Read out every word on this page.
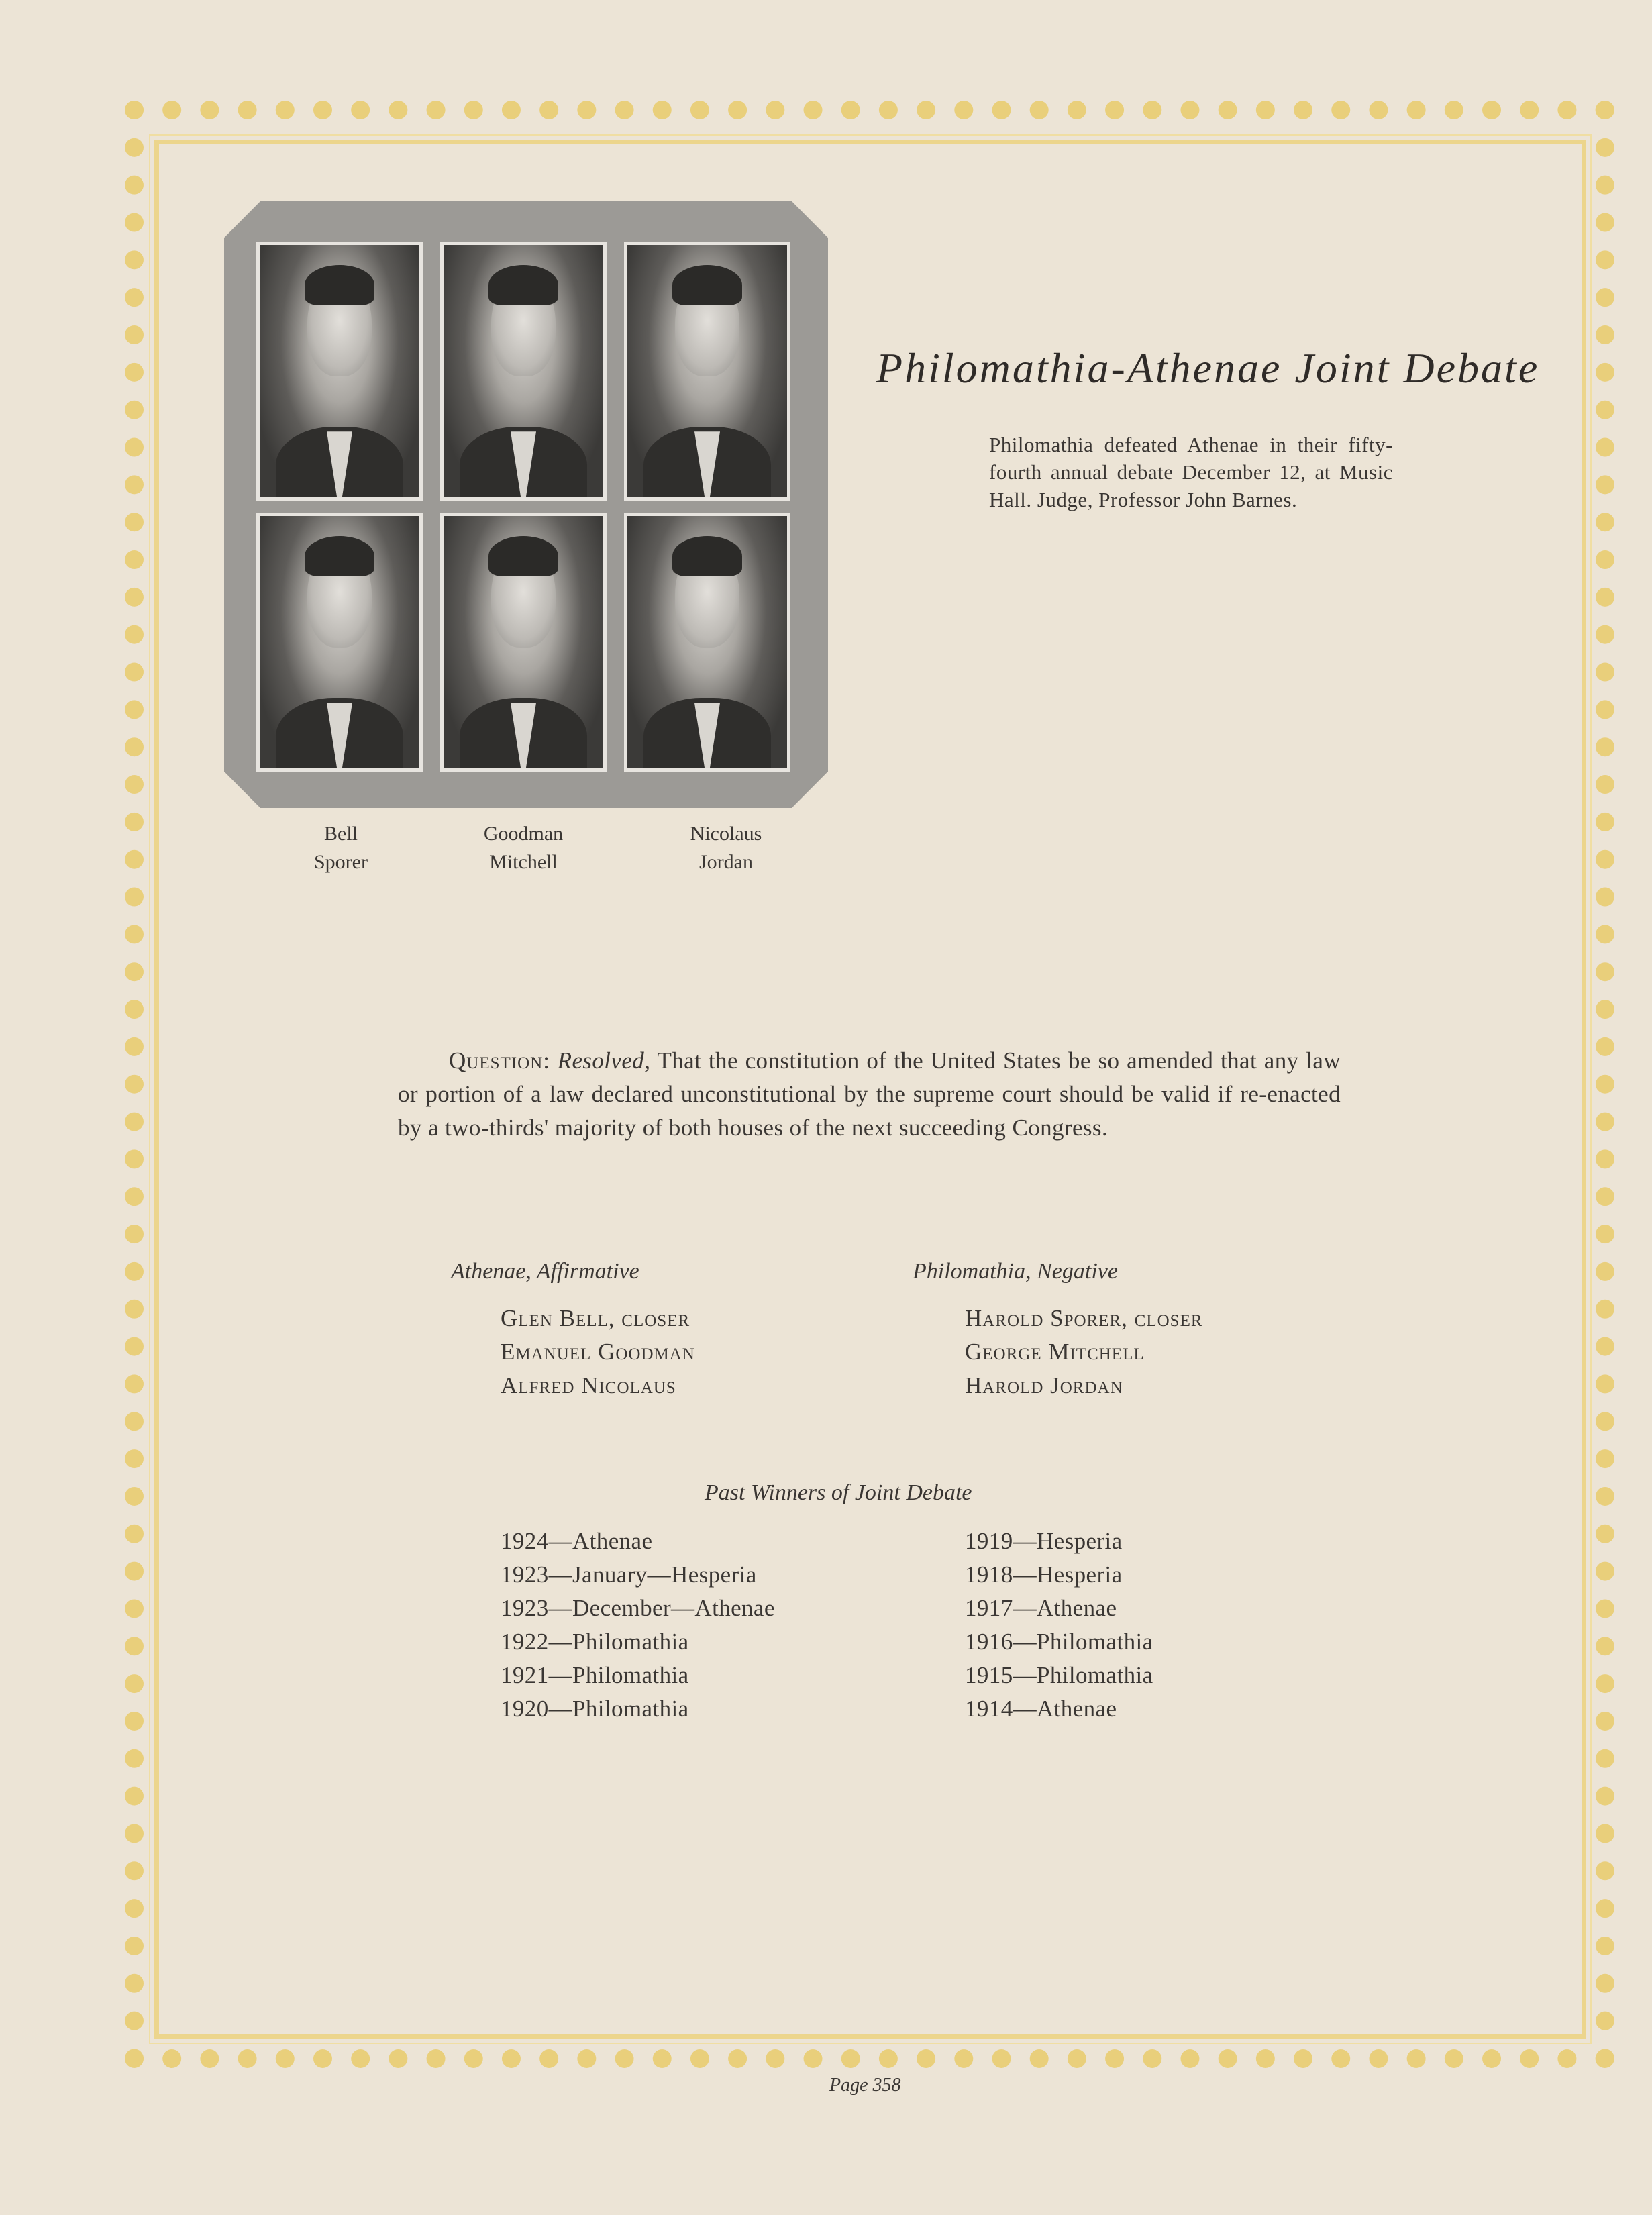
Bell
Sporer
Goodman
Mitchell
Nicolaus
Jordan
Philomathia-Athenae Joint Debate
Philomathia defeated Athenae in their fifty-fourth annual debate December 12, at Music Hall. Judge, Professor John Barnes.
Question: Resolved, That the constitution of the United States be so amended that any law or portion of a law declared unconstitutional by the supreme court should be valid if re-enacted by a two-thirds' majority of both houses of the next succeeding Congress.
Athenae, Affirmative
Glen Bell, closer
Emanuel Goodman
Alfred Nicolaus
Philomathia, Negative
Harold Sporer, closer
George Mitchell
Harold Jordan
Past Winners of Joint Debate
1924—Athenae
1923—January—Hesperia
1923—December—Athenae
1922—Philomathia
1921—Philomathia
1920—Philomathia
1919—Hesperia
1918—Hesperia
1917—Athenae
1916—Philomathia
1915—Philomathia
1914—Athenae
Page 358
